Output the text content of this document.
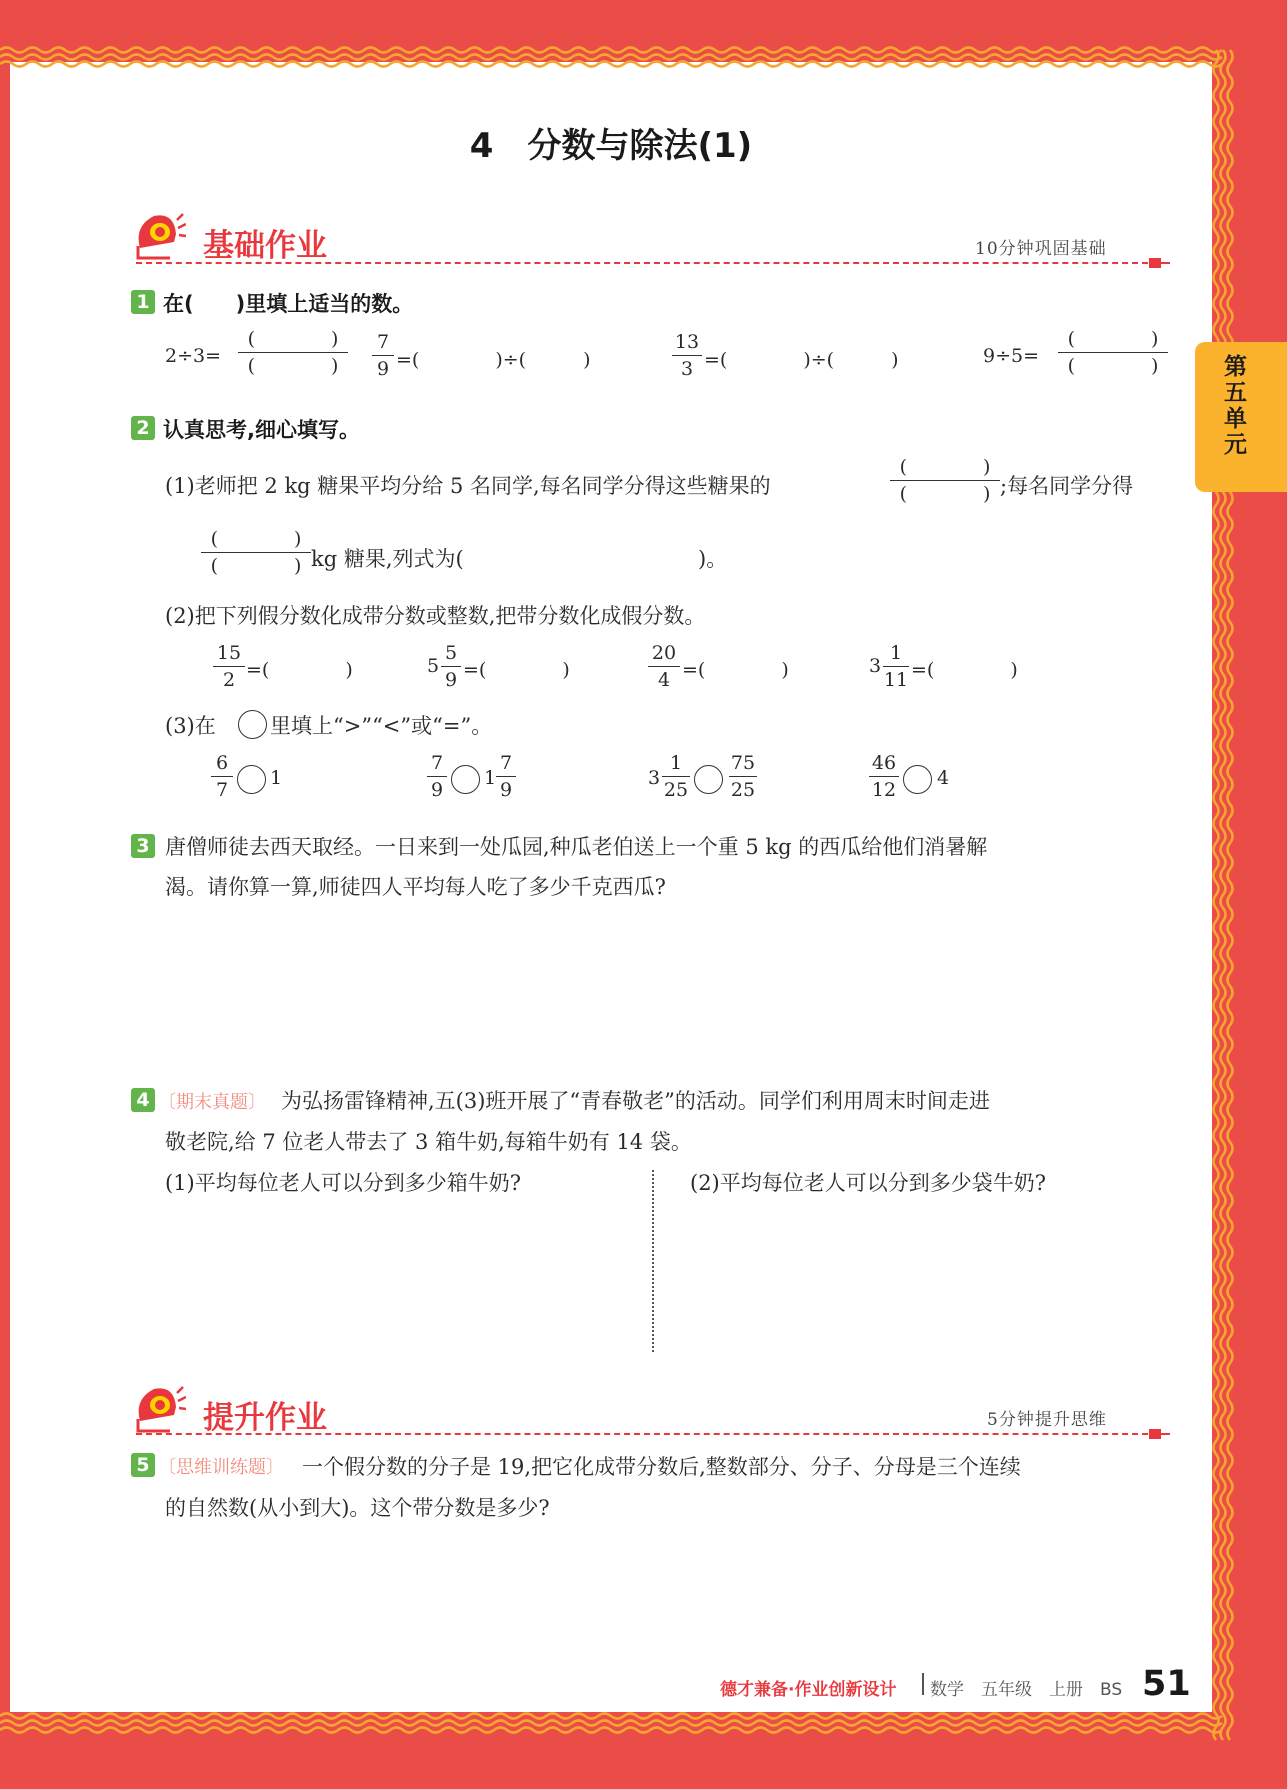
第五单元
4　分数与除法(1)
基础作业	10分钟巩固基础
1 在(　　)里填上适当的数。
2÷3=
(　　　　)
(　　　　)
7
9 =(　　　　)÷(　　　)
13
3 =(　　　　)÷(　　　)	9÷5=
(　　　　)
(　　　　)
2 认真思考,细心填写。
(1)老师把 2 kg 糖果平均分给 5 名同学,每名同学分得这些糖果的
(　　　　)
(　　　　) ;每名同学分得
(　　　　)
(　　　　) kg 糖果,列式为(	)。
(2)把下列假分数化成带分数或整数,把带分数化成假分数。
15
2 =(　　　　)	5
5
9 =(　　　　)
20
4 =(　　　　)	3
1
11 =(　　　　)
(3)在	里填上“>”“<”或“=”。
6
7
1
7
9
1
7
9
3
1
25
75
25
46
12
4
3 唐僧师徒去西天取经。一日来到一处瓜园,种瓜老伯送上一个重 5 kg 的西瓜给他们消暑解
渴。请你算一算,师徒四人平均每人吃了多少千克西瓜?
4 〔期末真题〕 为弘扬雷锋精神,五(3)班开展了“青春敬老”的活动。同学们利用周末时间走进
敬老院,给 7 位老人带去了 3 箱牛奶,每箱牛奶有 14 袋。
(1)平均每位老人可以分到多少箱牛奶?	(2)平均每位老人可以分到多少袋牛奶?
提升作业	5分钟提升思维
5 〔思维训练题〕 一个假分数的分子是 19,把它化成带分数后,整数部分、分子、分母是三个连续
的自然数(从小到大)。这个带分数是多少?
德才兼备·作业创新设计 数学　五年级　上册　BS 51
